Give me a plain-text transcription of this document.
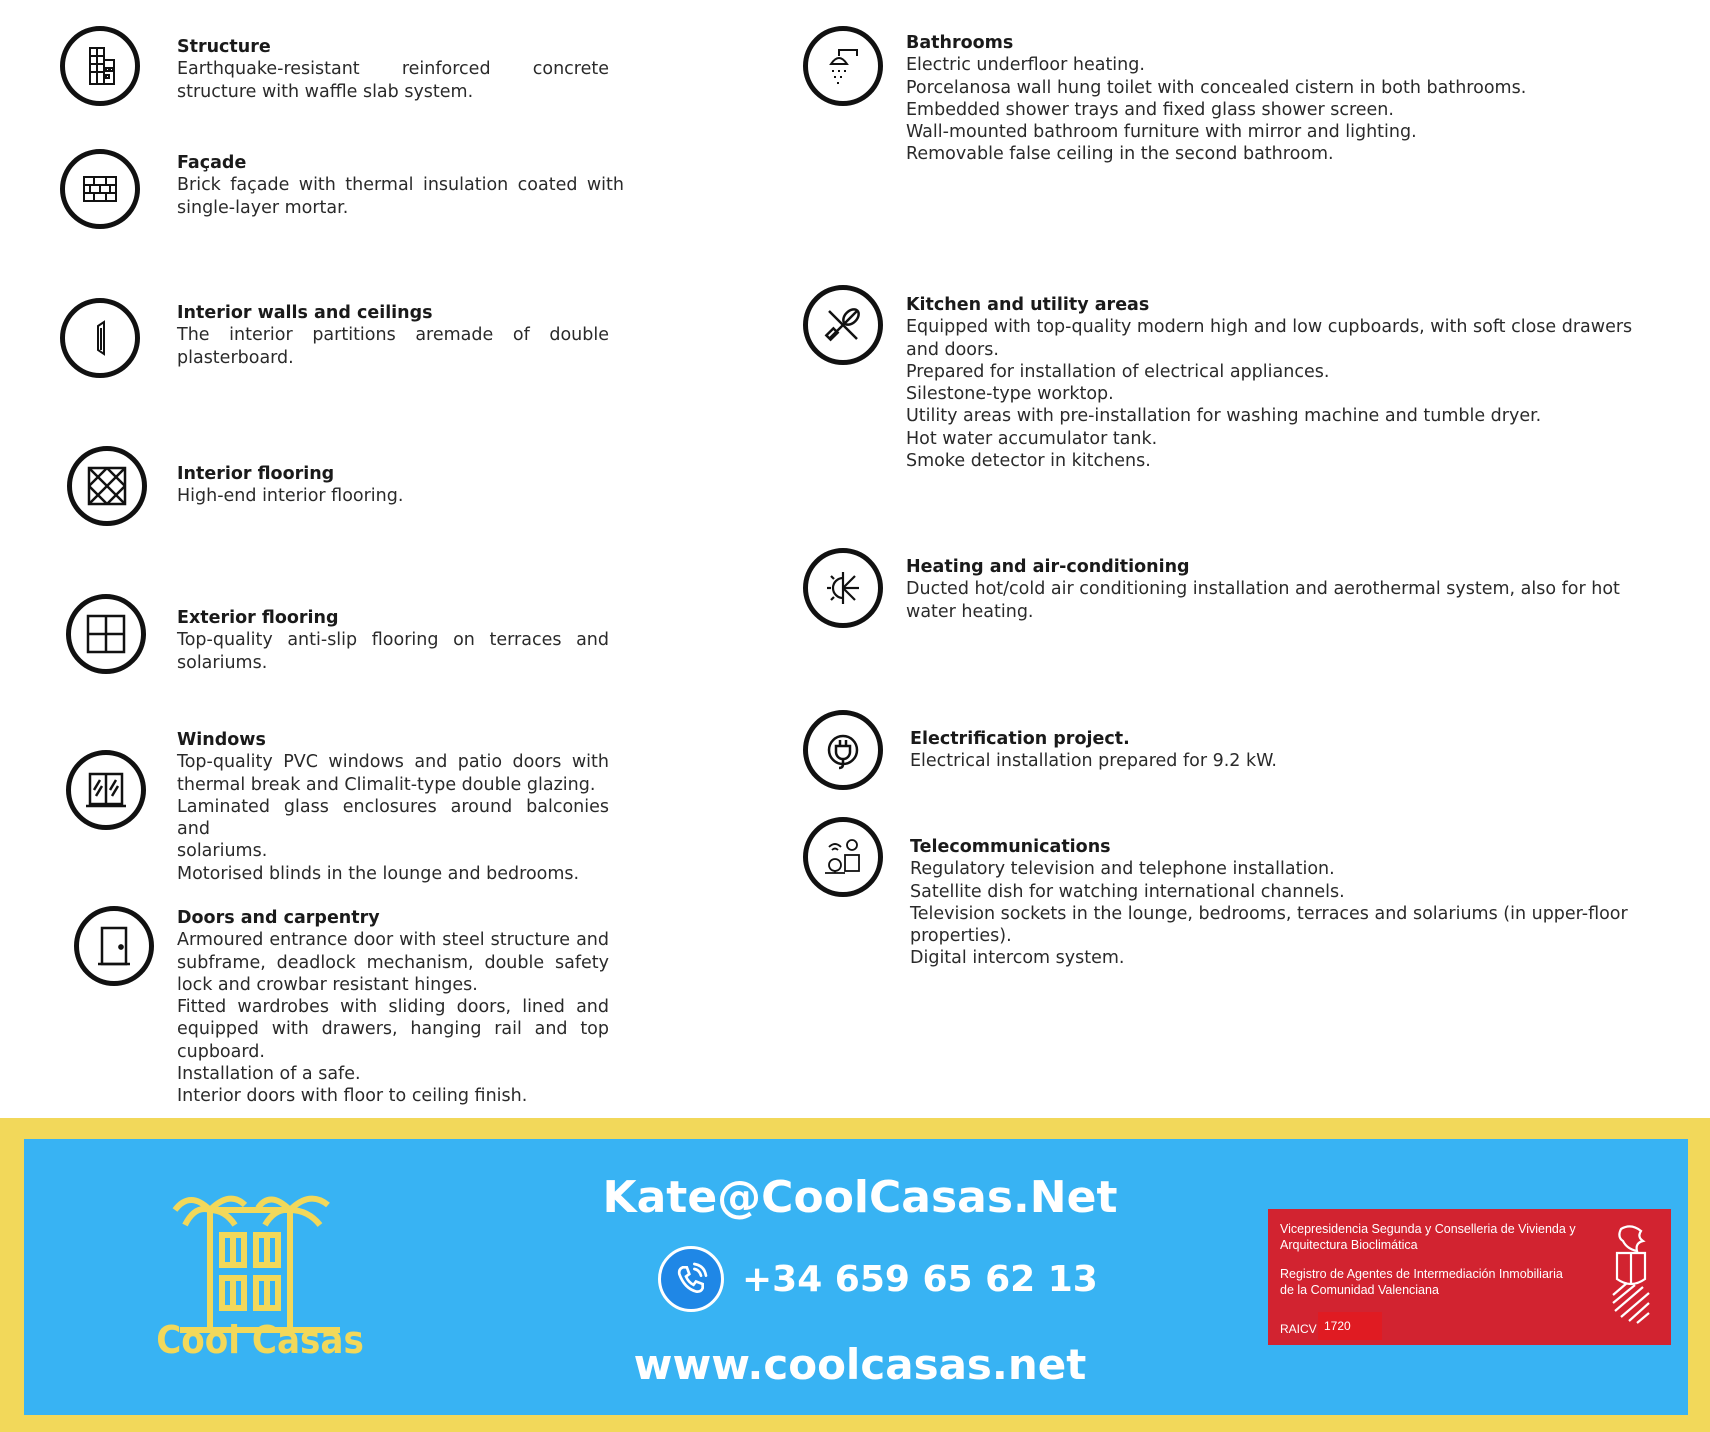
Structure
Earthquake-resistant reinforced concrete
structure with waffle slab system.
Façade
Brick façade with thermal insulation coated with
single-layer mortar.
Interior walls and ceilings
The interior partitions aremade of double
plasterboard.
Interior flooring
High-end interior flooring.
Exterior flooring
Top-quality anti-slip flooring on terraces and
solariums.
Windows
Top-quality PVC windows and patio doors with
thermal break and Climalit-type double glazing.
Laminated glass enclosures around balconies and
solariums.
Motorised blinds in the lounge and bedrooms.
Doors and carpentry
Armoured entrance door with steel structure and
subframe, deadlock mechanism, double safety
lock and crowbar resistant hinges.
Fitted wardrobes with sliding doors, lined and
equipped with drawers, hanging rail and top
cupboard.
Installation of a safe.
Interior doors with floor to ceiling finish.
Bathrooms
Electric underfloor heating.
Porcelanosa wall hung toilet with concealed cistern in both bathrooms.
Embedded shower trays and fixed glass shower screen.
Wall-mounted bathroom furniture with mirror and lighting.
Removable false ceiling in the second bathroom.
Kitchen and utility areas
Equipped with top-quality modern high and low cupboards, with soft close drawers
and doors.
Prepared for installation of electrical appliances.
Silestone-type worktop.
Utility areas with pre-installation for washing machine and tumble dryer.
Hot water accumulator tank.
Smoke detector in kitchens.
Heating and air-conditioning
Ducted hot/cold air conditioning installation and aerothermal system, also for hot
water heating.
Electrification project.
Electrical installation prepared for 9.2 kW.
Telecommunications
Regulatory television and telephone installation.
Satellite dish for watching international channels.
Television sockets in the lounge, bedrooms, terraces and solariums (in upper-floor
properties).
Digital intercom system.
Cool Casas
Kate@CoolCasas.Net
+34 659 65 62 13
www.coolcasas.net
Vicepresidencia Segunda y Conselleria de Vivienda y
Arquitectura Bioclimática
Registro de Agentes de Intermediación Inmobiliaria
de la Comunidad Valenciana
RAICV 1720
